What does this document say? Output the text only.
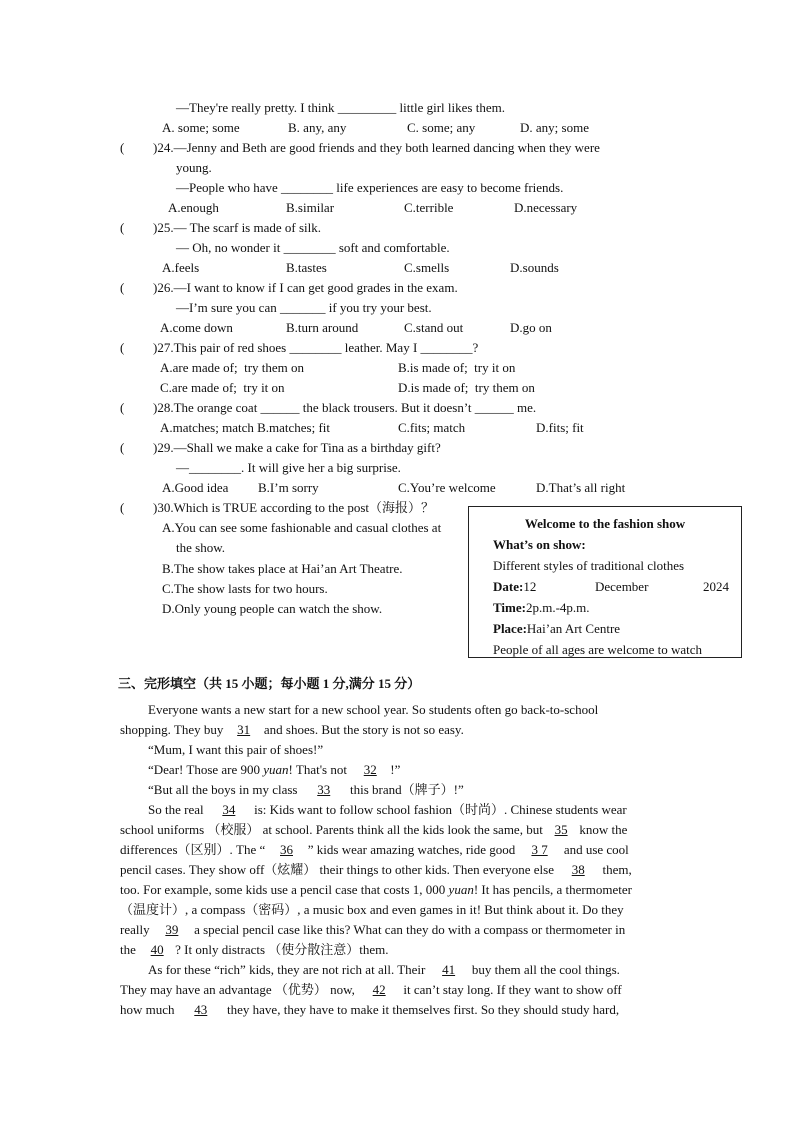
—They're really pretty. I think _________ little girl likes them.
A. some; some	B. any, any	C. some; any	D. any; some
( )24.—Jenny and Beth are good friends and they both learned dancing when they were
young.
—People who have ________ life experiences are easy to become friends.
A.enough	B.similar	C.terrible	D.necessary
( )25.— The scarf is made of silk.
— Oh, no wonder it ________ soft and comfortable.
A.feels	B.tastes	C.smells	D.sounds
( )26.—I want to know if I can get good grades in the exam.
—I’m sure you can _______ if you try your best.
A.come down	B.turn around	C.stand out	D.go on
( )27.This pair of red shoes ________ leather. May I ________?
A.are made of;  try them on	B.is made of;  try it on
C.are made of;  try it on	D.is made of;  try them on
( )28.The orange coat ______ the black trousers. But it doesn’t ______ me.
A.matches; match B.matches; fit	C.fits; match	D.fits; fit
( )29.—Shall we make a cake for Tina as a birthday gift?
—________. It will give her a big surprise.
A.Good idea B.I’m sorry	C.You’re welcome	D.That’s all right
( )30.Which is TRUE according to the post（海报）？
A.You can see some fashionable and casual clothes at
the show.
B.The show takes place at Hai’an Art Theatre.
C.The show lasts for two hours.
D.Only young people can watch the show.
Welcome to the fashion show
What’s on show:
Different styles of traditional clothes
Date:12	December	2024
Time:2p.m.-4p.m.
Place:Hai’an Art Centre
People of all ages are welcome to watch
三、完形填空（共 15 小题；每小题 1 分,满分 15 分）
Everyone wants a new start for a new school year. So students often go back-to-school
shopping. They buy 31 and shoes. But the story is not so easy.
“Mum, I want this pair of shoes!”
“Dear! Those are 900 yuan! That's not 32 !”
“But all the boys in my class 33 this brand（牌子）!”
So the real 34 is: Kids want to follow school fashion（时尚）. Chinese students wear
school uniforms （校服） at school. Parents think all the kids look the same, but 35 know the
differences（区别）. The “ 36 ” kids wear amazing watches, ride good 3 7 and use cool
pencil cases. They show off（炫耀） their things to other kids. Then everyone else 38 them,
too. For example, some kids use a pencil case that costs 1, 000 yuan! It has pencils, a thermometer
（温度计）, a compass（密码）, a music box and even games in it! But think about it. Do they
really 39 a special pencil case like this? What can they do with a compass or thermometer in
the 40 ? It only distracts （使分散注意）them.
As for these “rich” kids, they are not rich at all. Their 41 buy them all the cool things.
They may have an advantage （优势） now, 42 it can’t stay long. If they want to show off
how much 43 they have, they have to make it themselves first. So they should study hard,
